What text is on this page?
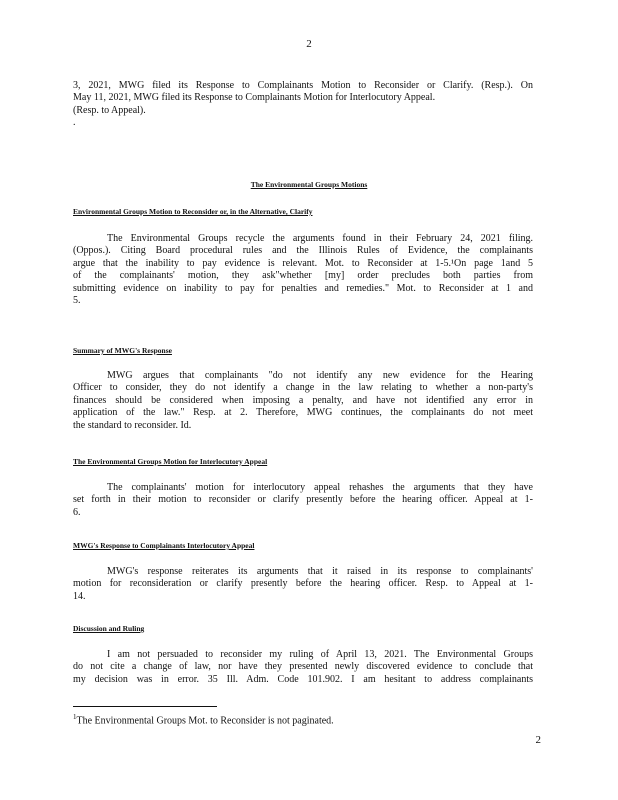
2
3, 2021, MWG filed its Response to Complainants Motion to Reconsider or Clarify. (Resp.). On
May 11, 2021, MWG filed its Response to Complainants Motion for Interlocutory Appeal.
(Resp. to Appeal).
.
The Environmental Groups Motions
Environmental Groups Motion to Reconsider or, in the Alternative, Clarify
The Environmental Groups recycle the arguments found in their February 24, 2021 filing.
(Oppos.). Citing Board procedural rules and the Illinois Rules of Evidence, the complainants
argue that the inability to pay evidence is relevant. Mot. to Reconsider at 1-5.¹On page 1and 5
of the complainants' motion, they ask"whether [my] order precludes both parties from
submitting evidence on inability to pay for penalties and remedies." Mot. to Reconsider at 1 and
5.
Summary of MWG's Response
MWG argues that complainants "do not identify any new evidence for the Hearing
Officer to consider, they do not identify a change in the law relating to whether a non-party's
finances should be considered when imposing a penalty, and have not identified any error in
application of the law." Resp. at 2. Therefore, MWG continues, the complainants do not meet
the standard to reconsider. Id.
The Environmental Groups Motion for Interlocutory Appeal
The complainants' motion for interlocutory appeal rehashes the arguments that they have
set forth in their motion to reconsider or clarify presently before the hearing officer. Appeal at 1-
6.
MWG's Response to Complainants Interlocutory Appeal
MWG's response reiterates its arguments that it raised in its response to complainants'
motion for reconsideration or clarify presently before the hearing officer. Resp. to Appeal at 1-
14.
Discussion and Ruling
I am not persuaded to reconsider my ruling of April 13, 2021. The Environmental Groups
do not cite a change of law, nor have they presented newly discovered evidence to conclude that
my decision was in error. 35 Ill. Adm. Code 101.902. I am hesitant to address complainants
$^1$The Environmental Groups Mot. to Reconsider is not paginated.
2
